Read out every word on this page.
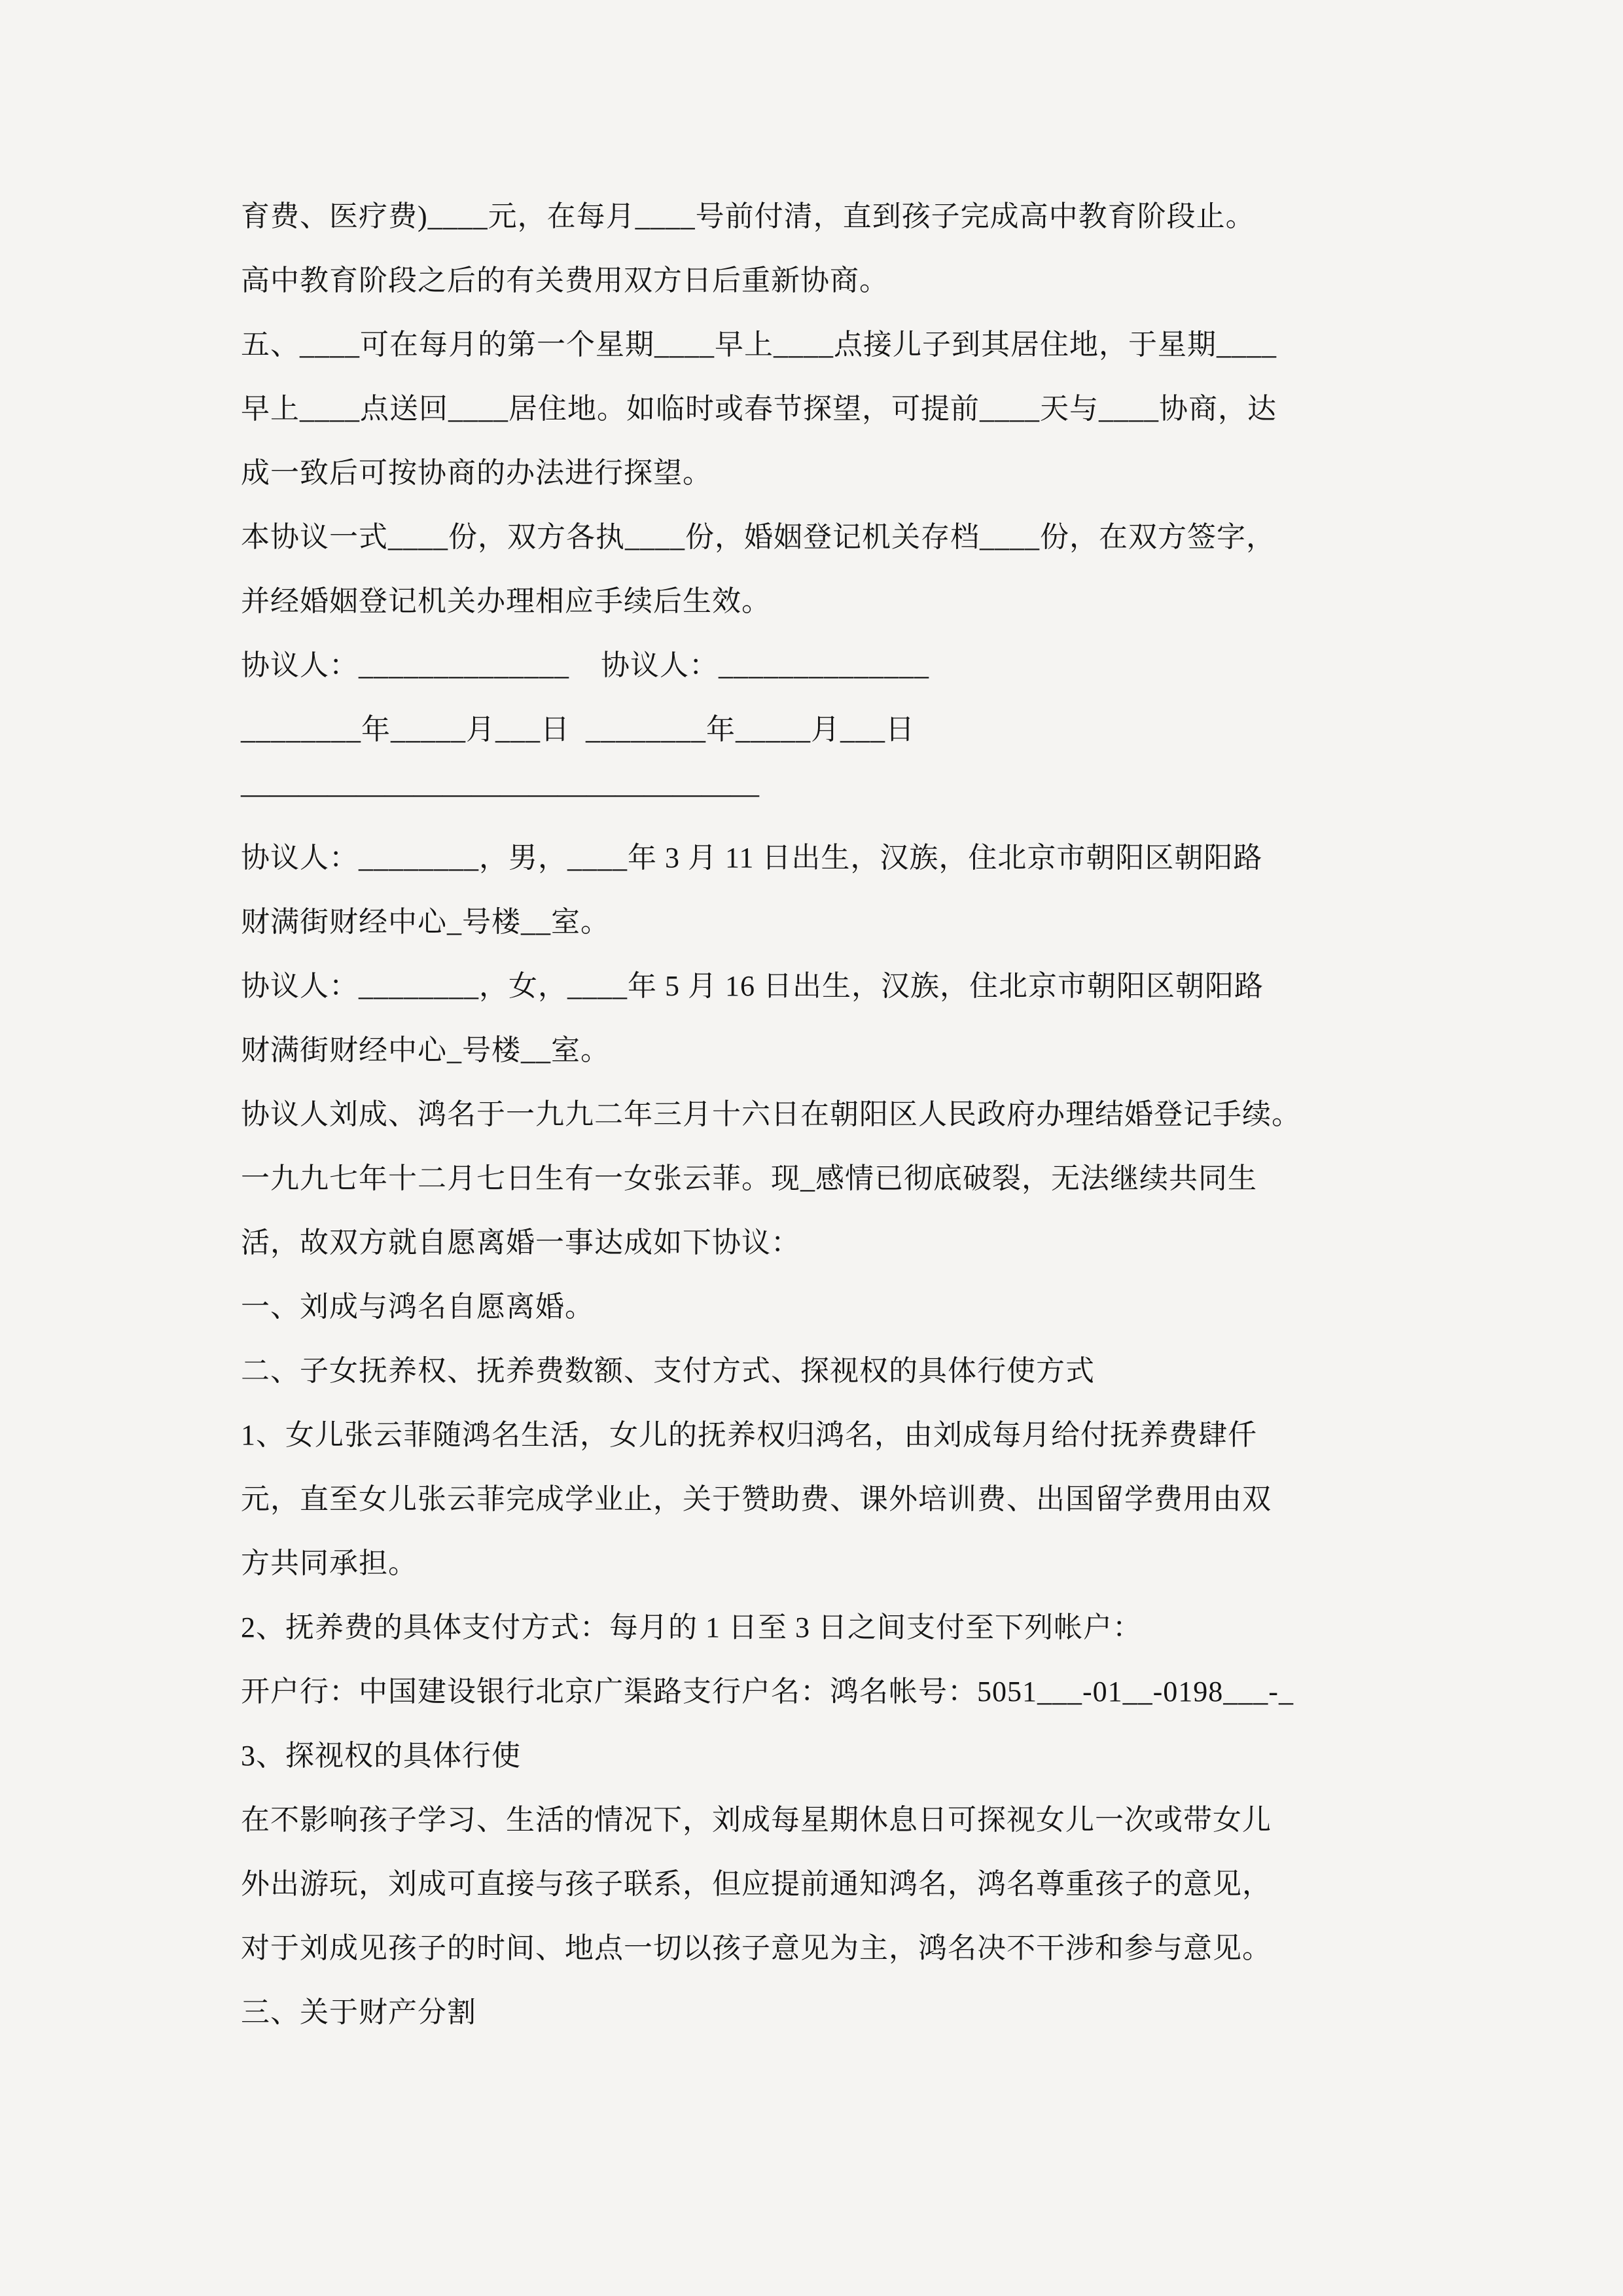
育费、医疗费)____元，在每月____号前付清，直到孩子完成高中教育阶段止。
高中教育阶段之后的有关费用双方日后重新协商。
五、____可在每月的第一个星期____早上____点接儿子到其居住地，于星期____
早上____点送回____居住地。如临时或春节探望，可提前____天与____协商，达
成一致后可按协商的办法进行探望。
本协议一式____份，双方各执____份，婚姻登记机关存档____份，在双方签字，
并经婚姻登记机关办理相应手续后生效。
协议人：______________    协议人：______________
________年_____月___日  ________年_____月___日
——————————————————
协议人：________，男，____年 3 月 11 日出生，汉族，住北京市朝阳区朝阳路
财满街财经中心_号楼__室。
协议人：________，女，____年 5 月 16 日出生，汉族，住北京市朝阳区朝阳路
财满街财经中心_号楼__室。
协议人刘成、鸿名于一九九二年三月十六日在朝阳区人民政府办理结婚登记手续。
一九九七年十二月七日生有一女张云菲。现_感情已彻底破裂，无法继续共同生
活，故双方就自愿离婚一事达成如下协议：
一、刘成与鸿名自愿离婚。
二、子女抚养权、抚养费数额、支付方式、探视权的具体行使方式
1、女儿张云菲随鸿名生活，女儿的抚养权归鸿名，由刘成每月给付抚养费肆仟
元，直至女儿张云菲完成学业止，关于赞助费、课外培训费、出国留学费用由双
方共同承担。
2、抚养费的具体支付方式：每月的 1 日至 3 日之间支付至下列帐户：
开户行：中国建设银行北京广渠路支行户名：鸿名帐号：5051___-01__-0198___-_
3、探视权的具体行使
在不影响孩子学习、生活的情况下，刘成每星期休息日可探视女儿一次或带女儿
外出游玩，刘成可直接与孩子联系，但应提前通知鸿名，鸿名尊重孩子的意见，
对于刘成见孩子的时间、地点一切以孩子意见为主，鸿名决不干涉和参与意见。
三、关于财产分割
